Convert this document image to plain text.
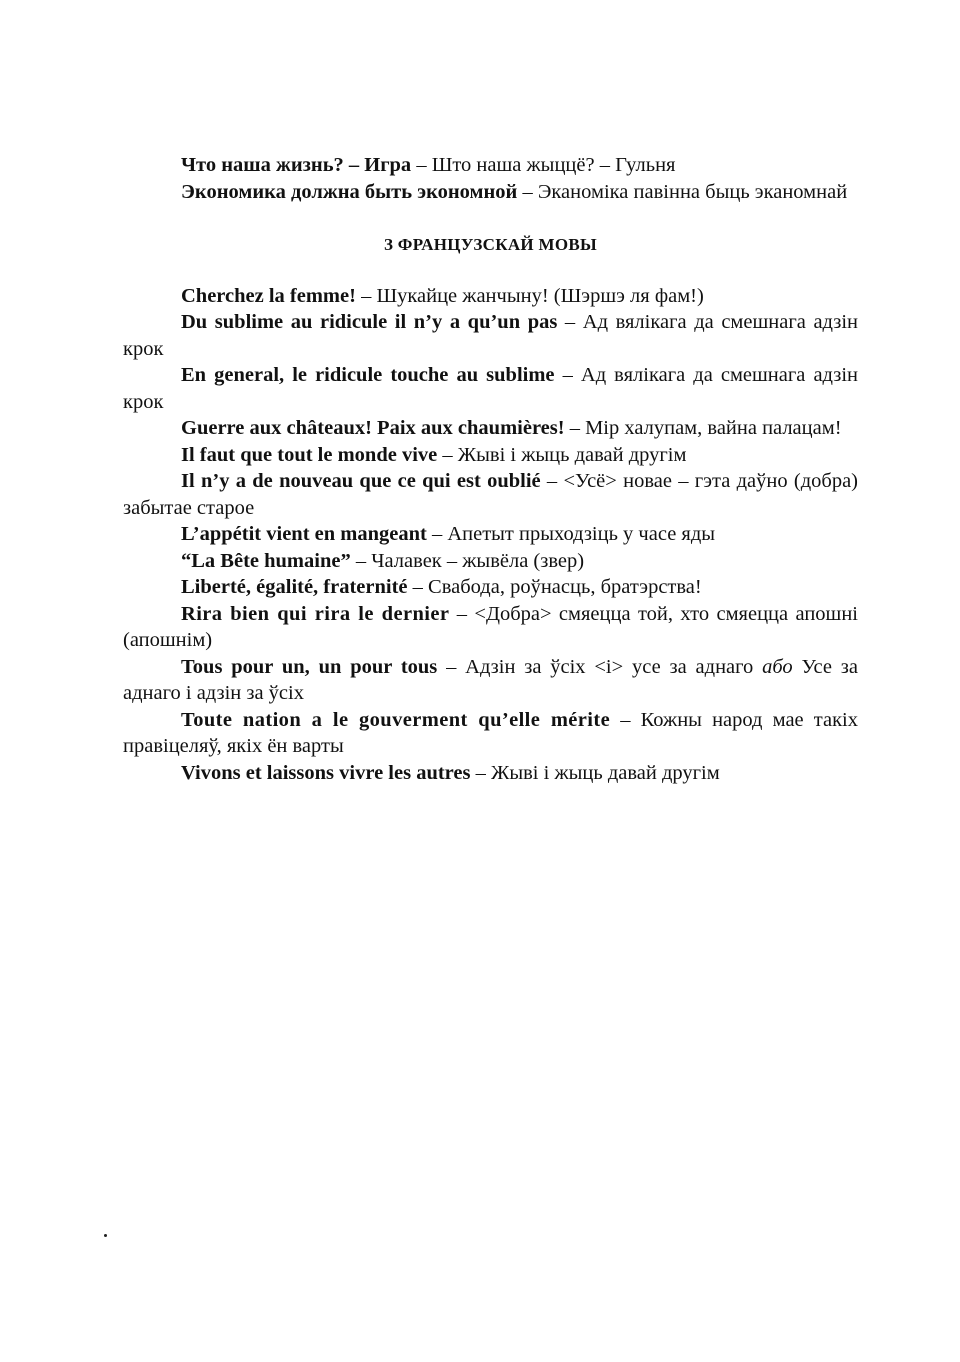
Что наша жизнь? – Игра – Што наша жыццё? – Гульня

Экономика должна быть экономной – Эканоміка павінна быць эканомнай

З ФРАНЦУЗСКАЙ МОВЫ

Cherchez la femme! – Шукайце жанчыну! (Шэршэ ля фам!)

Du sublime au ridicule il n’y a qu’un pas – Ад вялікага да смешнага адзін крок

En general, le ridicule touche au sublime – Ад вялікага да смешнага адзін крок

Guerre aux châteaux! Paix aux chaumières! – Мір халупам, вайна палацам!

Il faut que tout le monde vive – Жыві і жыць давай другім

Il n’y a de nouveau que ce qui est oublié – <Усё> новае – гэта даўно (добра) забытае старое

L’appétit vient en mangeant – Апетыт прыходзіць у часе яды

“La Bête humaine” – Чалавек – жывёла (звер)

Liberté, égalité, fraternité – Свабода, роўнасць, братэрства!

Rira bien qui rira le dernier – <Добра> смяецца той, хто смяецца апошні (апошнім)

Tous pour un, un pour tous – Адзін за ўсіх <і> усе за аднаго або Усе за аднаго і адзін за ўсіх

Toute nation a le gouverment qu’elle mérite – Кожны народ мае такіх правіцеляў, якіх ён варты

Vivons et laissons vivre les autres – Жыві і жыць давай другім
